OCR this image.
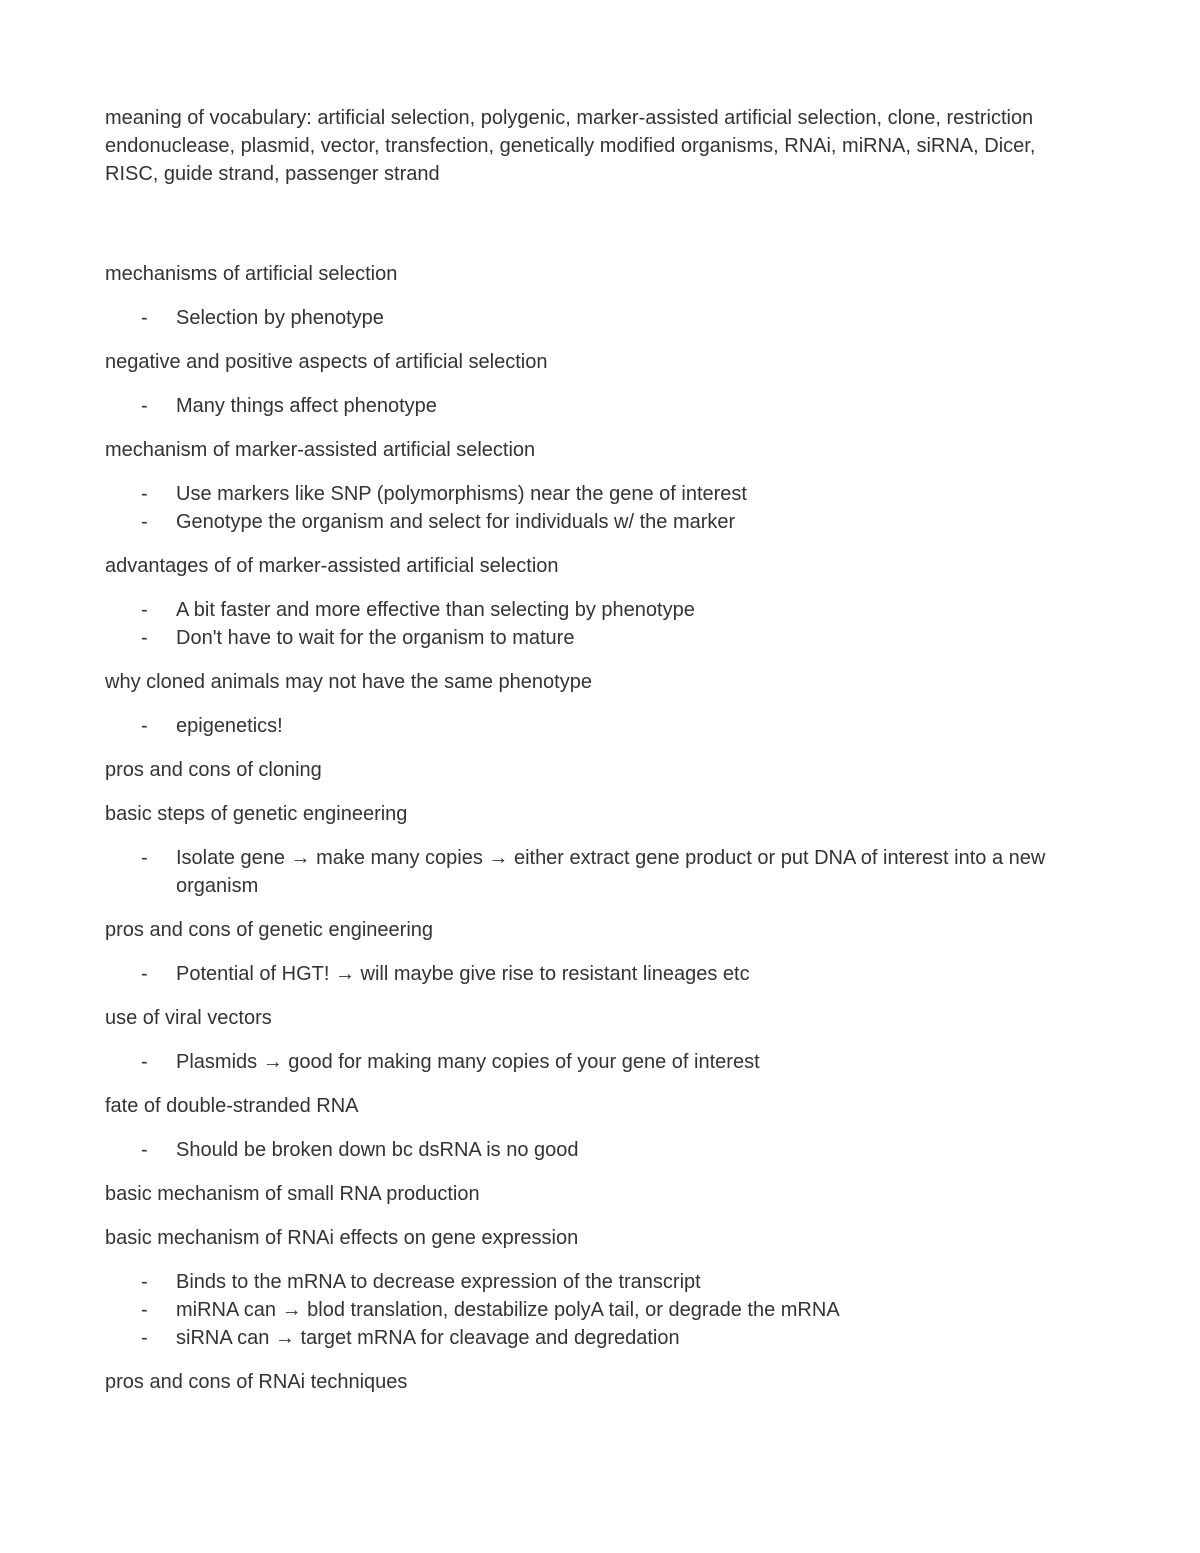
meaning of vocabulary: artificial selection, polygenic, marker-assisted artificial selection, clone, restriction endonuclease, plasmid, vector, transfection, genetically modified organisms, RNAi, miRNA, siRNA, Dicer, RISC, guide strand, passenger strand

mechanisms of artificial selection

- Selection by phenotype

negative and positive aspects of artificial selection

- Many things affect phenotype

mechanism of marker-assisted artificial selection

- Use markers like SNP (polymorphisms) near the gene of interest
- Genotype the organism and select for individuals w/ the marker

advantages of of marker-assisted artificial selection

- A bit faster and more effective than selecting by phenotype
- Don't have to wait for the organism to mature

why cloned animals may not have the same phenotype

- epigenetics!

pros and cons of cloning

basic steps of genetic engineering

- Isolate gene → make many copies → either extract gene product or put DNA of interest into a new organism

pros and cons of genetic engineering

- Potential of HGT! → will maybe give rise to resistant lineages etc

use of viral vectors

- Plasmids → good for making many copies of your gene of interest

fate of double-stranded RNA

- Should be broken down bc dsRNA is no good

basic mechanism of small RNA production

basic mechanism of RNAi effects on gene expression

- Binds to the mRNA to decrease expression of the transcript
- miRNA can → blod translation, destabilize polyA tail, or degrade the mRNA
- siRNA can → target mRNA for cleavage and degredation

pros and cons of RNAi techniques
